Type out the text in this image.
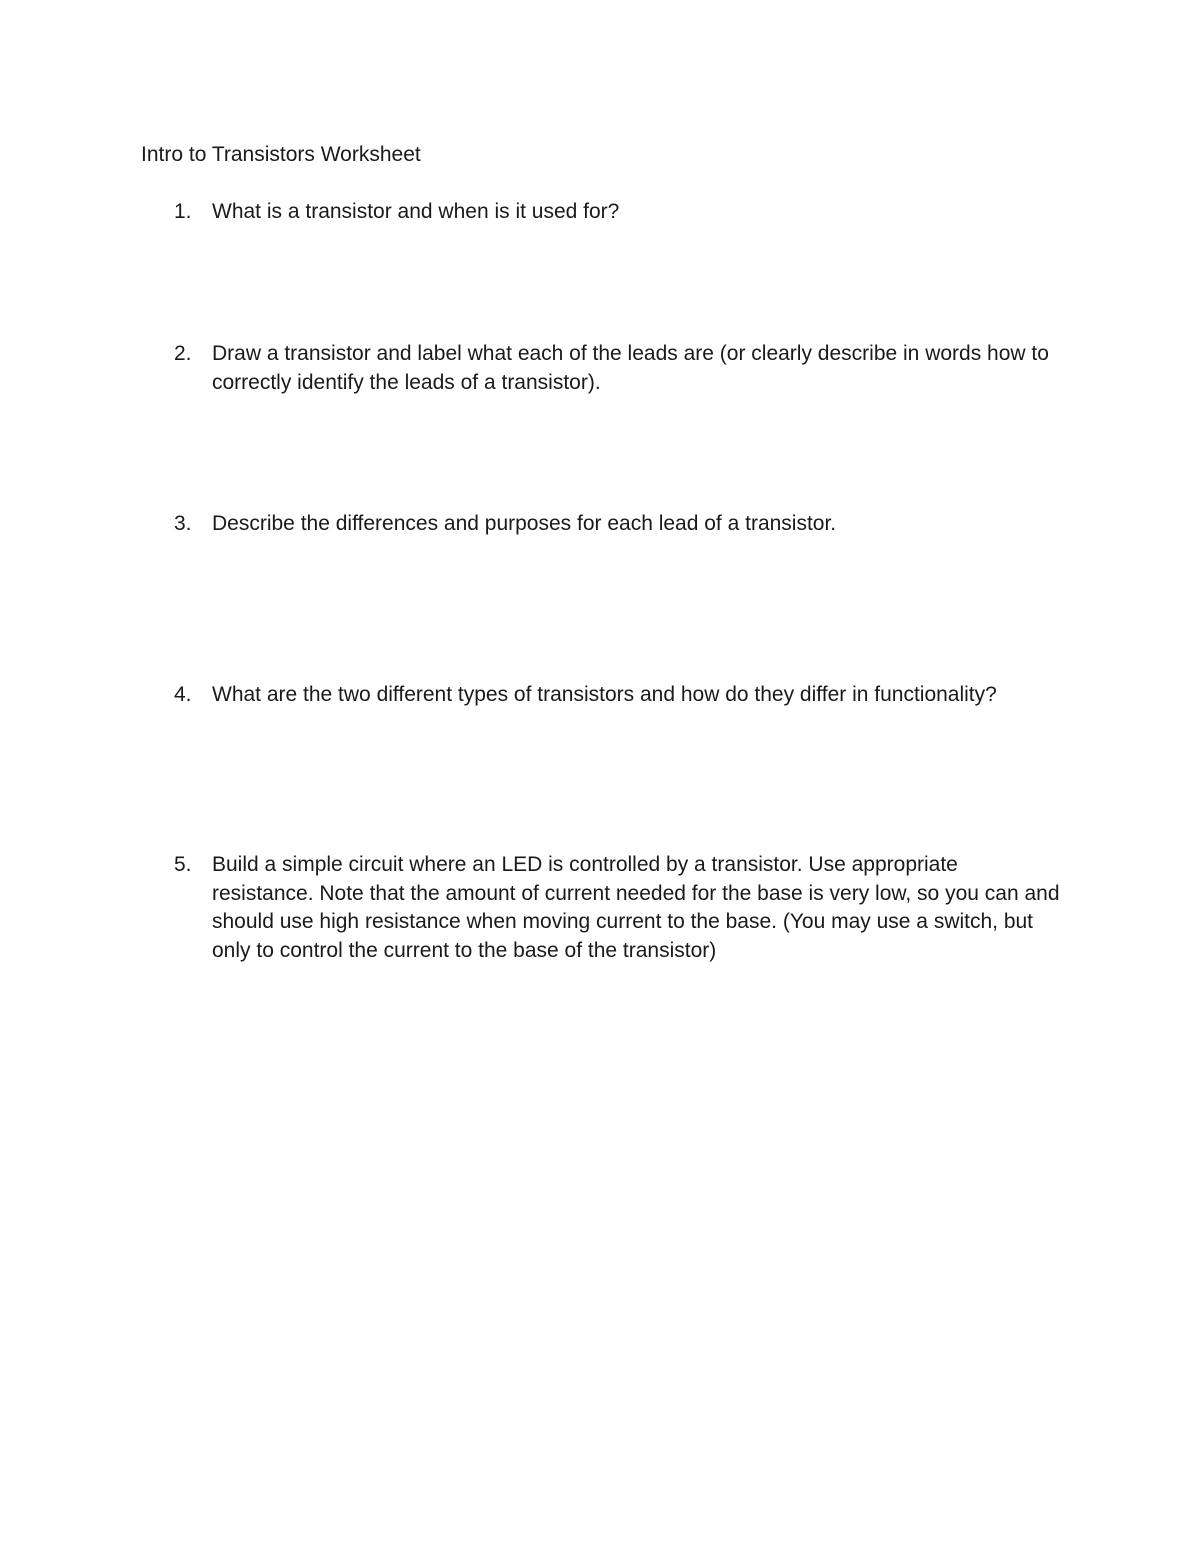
Intro to Transistors Worksheet
1. What is a transistor and when is it used for?
2. Draw a transistor and label what each of the leads are (or clearly describe in words how to correctly identify the leads of a transistor).
3. Describe the differences and purposes for each lead of a transistor.
4. What are the two different types of transistors and how do they differ in functionality?
5. Build a simple circuit where an LED is controlled by a transistor. Use appropriate resistance. Note that the amount of current needed for the base is very low, so you can and should use high resistance when moving current to the base. (You may use a switch, but only to control the current to the base of the transistor)
